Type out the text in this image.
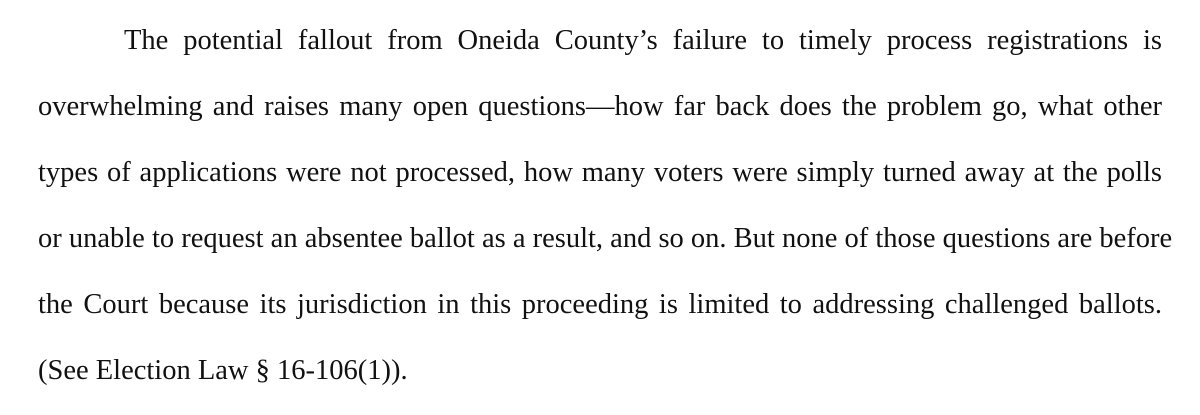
The potential fallout from Oneida County’s failure to timely process registrations is
overwhelming and raises many open questions—how far back does the problem go, what other
types of applications were not processed, how many voters were simply turned away at the polls
or unable to request an absentee ballot as a result, and so on. But none of those questions are before
the Court because its jurisdiction in this proceeding is limited to addressing challenged ballots.
(See Election Law § 16-106(1)).
